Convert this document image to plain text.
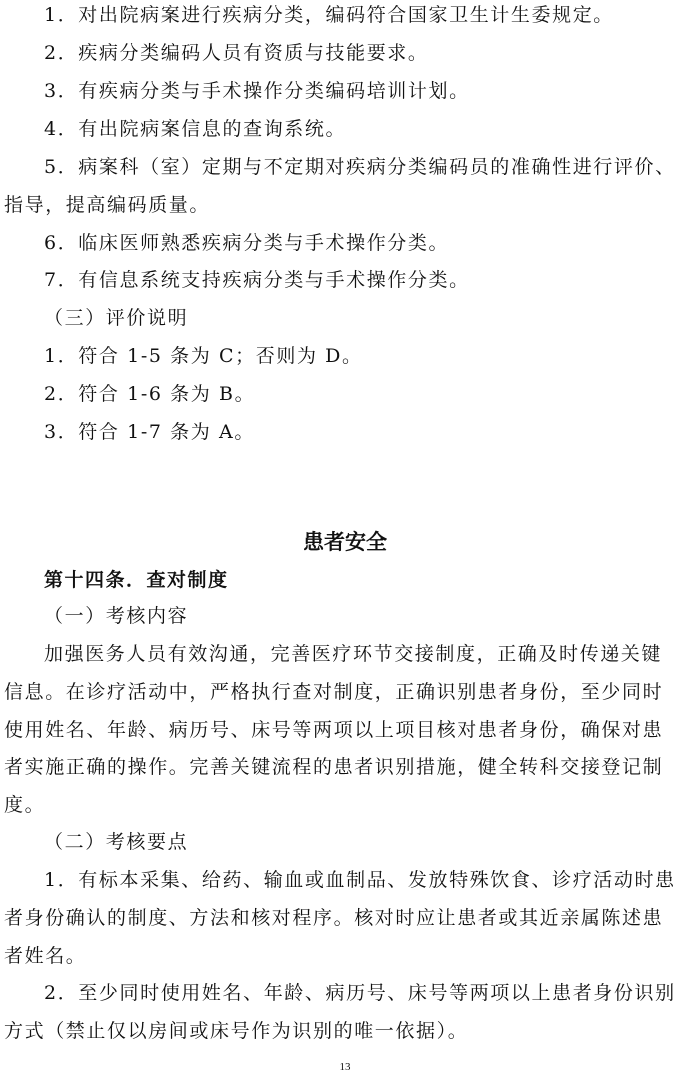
1．对出院病案进行疾病分类，编码符合国家卫生计生委规定。
2．疾病分类编码人员有资质与技能要求。
3．有疾病分类与手术操作分类编码培训计划。
4．有出院病案信息的查询系统。
5．病案科（室）定期与不定期对疾病分类编码员的准确性进行评价、
指导，提高编码质量。
6．临床医师熟悉疾病分类与手术操作分类。
7．有信息系统支持疾病分类与手术操作分类。
（三）评价说明
1．符合 1-5 条为 C；否则为 D。
2．符合 1-6 条为 B。
3．符合 1-7 条为 A。
患者安全
第十四条．查对制度
（一）考核内容
加强医务人员有效沟通，完善医疗环节交接制度，正确及时传递关键
信息。在诊疗活动中，严格执行查对制度，正确识别患者身份，至少同时
使用姓名、年龄、病历号、床号等两项以上项目核对患者身份，确保对患
者实施正确的操作。完善关键流程的患者识别措施，健全转科交接登记制
度。
（二）考核要点
1．有标本采集、给药、输血或血制品、发放特殊饮食、诊疗活动时患
者身份确认的制度、方法和核对程序。核对时应让患者或其近亲属陈述患
者姓名。
2．至少同时使用姓名、年龄、病历号、床号等两项以上患者身份识别
方式（禁止仅以房间或床号作为识别的唯一依据）。
13
